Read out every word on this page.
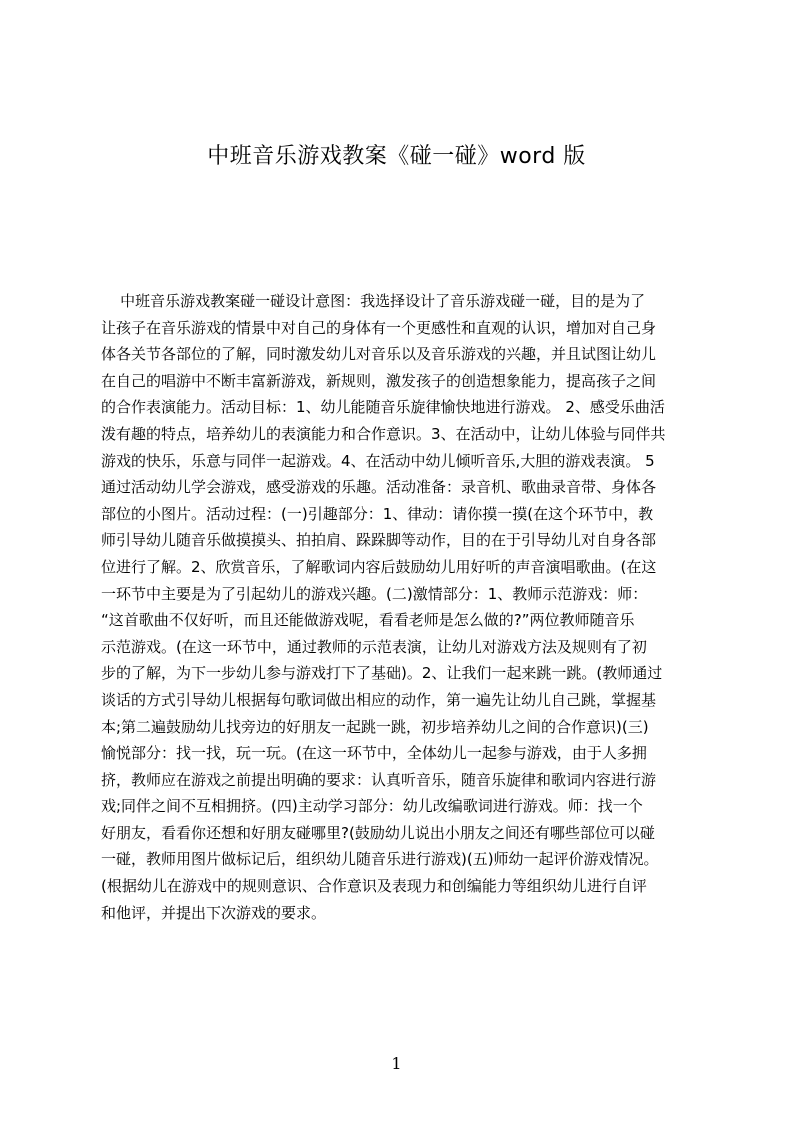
中班音乐游戏教案《碰一碰》word 版
中班音乐游戏教案碰一碰设计意图：我选择设计了音乐游戏碰一碰，目的是为了
让孩子在音乐游戏的情景中对自己的身体有一个更感性和直观的认识，增加对自己身
体各关节各部位的了解，同时激发幼儿对音乐以及音乐游戏的兴趣，并且试图让幼儿
在自己的唱游中不断丰富新游戏，新规则，激发孩子的创造想象能力，提高孩子之间
的合作表演能力。活动目标：1、幼儿能随音乐旋律愉快地进行游戏。 2、感受乐曲活
泼有趣的特点，培养幼儿的表演能力和合作意识。3、在活动中，让幼儿体验与同伴共
游戏的快乐，乐意与同伴一起游戏。4、在活动中幼儿倾听音乐,大胆的游戏表演。 5
通过活动幼儿学会游戏，感受游戏的乐趣。活动准备：录音机、歌曲录音带、身体各
部位的小图片。活动过程：(一)引趣部分：1、律动：请你摸一摸(在这个环节中，教
师引导幼儿随音乐做摸摸头、拍拍肩、跺跺脚等动作，目的在于引导幼儿对自身各部
位进行了解。2、欣赏音乐，了解歌词内容后鼓励幼儿用好听的声音演唱歌曲。(在这
一环节中主要是为了引起幼儿的游戏兴趣。(二)激情部分：1、教师示范游戏：师：
“这首歌曲不仅好听，而且还能做游戏呢，看看老师是怎么做的?”两位教师随音乐
示范游戏。(在这一环节中，通过教师的示范表演，让幼儿对游戏方法及规则有了初
步的了解，为下一步幼儿参与游戏打下了基础)。2、让我们一起来跳一跳。(教师通过
谈话的方式引导幼儿根据每句歌词做出相应的动作，第一遍先让幼儿自己跳，掌握基
本;第二遍鼓励幼儿找旁边的好朋友一起跳一跳，初步培养幼儿之间的合作意识)(三)
愉悦部分：找一找，玩一玩。(在这一环节中，全体幼儿一起参与游戏，由于人多拥
挤，教师应在游戏之前提出明确的要求：认真听音乐，随音乐旋律和歌词内容进行游
戏;同伴之间不互相拥挤。(四)主动学习部分：幼儿改编歌词进行游戏。师：找一个
好朋友，看看你还想和好朋友碰哪里?(鼓励幼儿说出小朋友之间还有哪些部位可以碰
一碰，教师用图片做标记后，组织幼儿随音乐进行游戏)(五)师幼一起评价游戏情况。
(根据幼儿在游戏中的规则意识、合作意识及表现力和创编能力等组织幼儿进行自评
和他评，并提出下次游戏的要求。
1
